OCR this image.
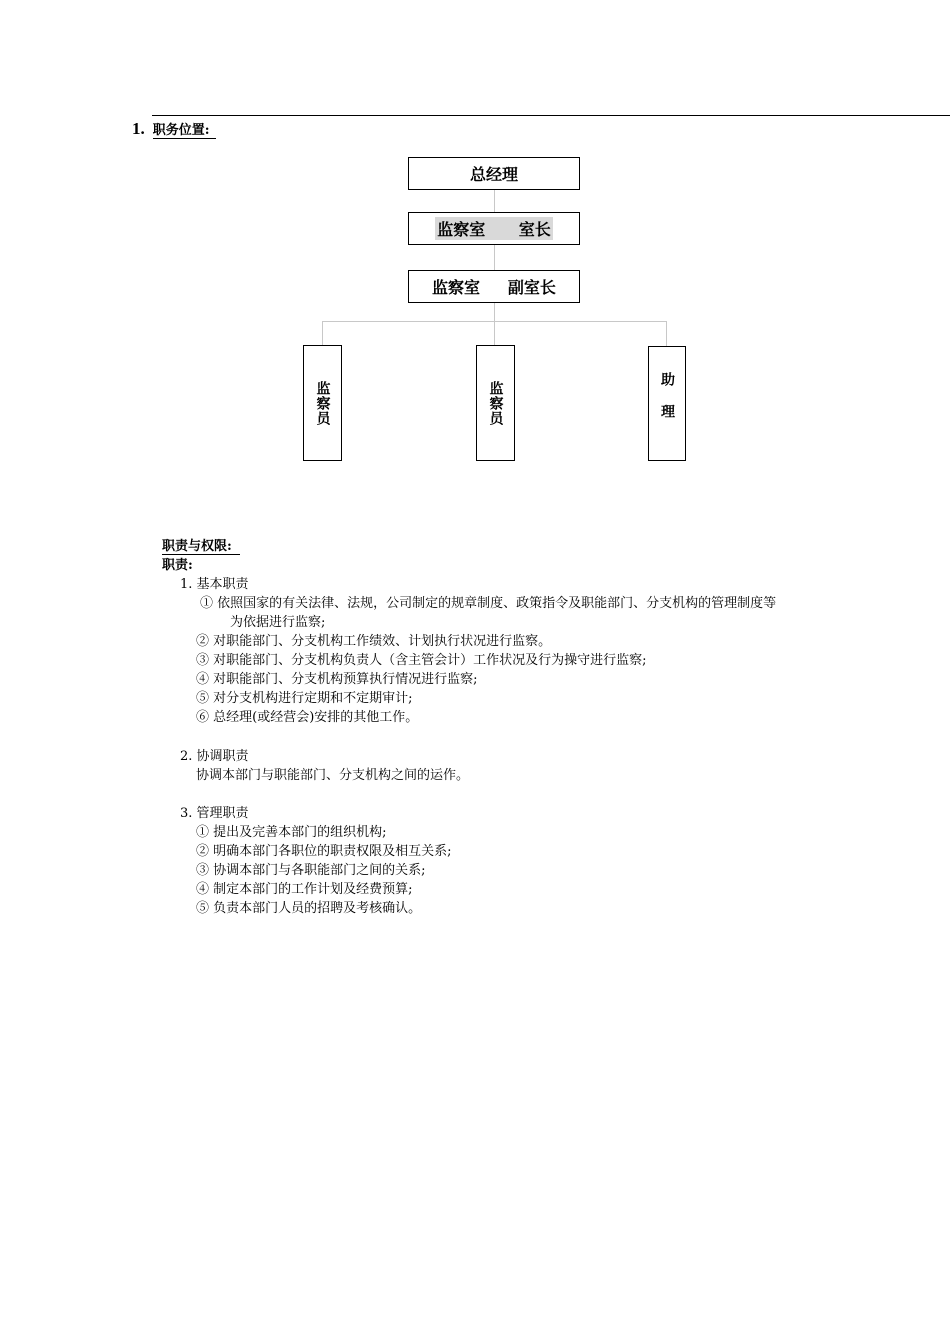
1. 职务位置:
总经理
监察室 室长
监察室 副室长
监察员	监察员	助理
职责与权限:
职责:
1. 基本职责
① 依照国家的有关法律、法规，公司制定的规章制度、政策指令及职能部门、分支机构的管理制度等
为依据进行监察;
② 对职能部门、分支机构工作绩效、计划执行状况进行监察。
③ 对职能部门、分支机构负责人（含主管会计）工作状况及行为操守进行监察;
④ 对职能部门、分支机构预算执行情况进行监察;
⑤ 对分支机构进行定期和不定期审计;
⑥ 总经理(或经营会)安排的其他工作。
2. 协调职责
协调本部门与职能部门、分支机构之间的运作。
3. 管理职责
① 提出及完善本部门的组织机构;
② 明确本部门各职位的职责权限及相互关系;
③ 协调本部门与各职能部门之间的关系;
④ 制定本部门的工作计划及经费预算;
⑤ 负责本部门人员的招聘及考核确认。
